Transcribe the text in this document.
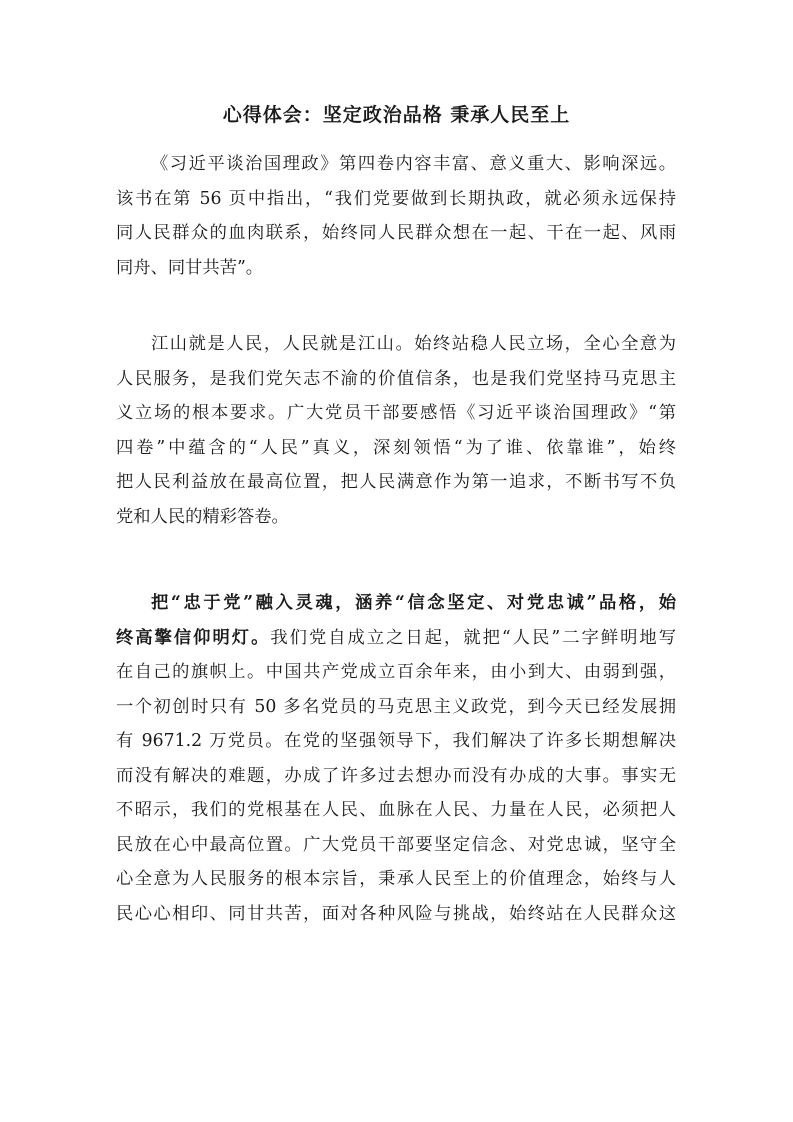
心得体会：坚定政治品格 秉承人民至上
《习近平谈治国理政》第四卷内容丰富、意义重大、影响深远。
该书在第 56 页中指出，“我们党要做到长期执政，就必须永远保持
同人民群众的血肉联系，始终同人民群众想在一起、干在一起、风雨
同舟、同甘共苦”。
江山就是人民，人民就是江山。始终站稳人民立场，全心全意为
人民服务，是我们党矢志不渝的价值信条，也是我们党坚持马克思主
义立场的根本要求。广大党员干部要感悟《习近平谈治国理政》“第
四卷”中蕴含的“人民”真义，深刻领悟“为了谁、依靠谁”，始终
把人民利益放在最高位置，把人民满意作为第一追求，不断书写不负
党和人民的精彩答卷。
把“忠于党”融入灵魂，涵养“信念坚定、对党忠诚”品格，始
终高擎信仰明灯。我们党自成立之日起，就把“人民”二字鲜明地写
在自己的旗帜上。中国共产党成立百余年来，由小到大、由弱到强，
一个初创时只有 50 多名党员的马克思主义政党，到今天已经发展拥
有 9671.2 万党员。在党的坚强领导下，我们解决了许多长期想解决
而没有解决的难题，办成了许多过去想办而没有办成的大事。事实无
不昭示，我们的党根基在人民、血脉在人民、力量在人民，必须把人
民放在心中最高位置。广大党员干部要坚定信念、对党忠诚，坚守全
心全意为人民服务的根本宗旨，秉承人民至上的价值理念，始终与人
民心心相印、同甘共苦，面对各种风险与挑战，始终站在人民群众这
